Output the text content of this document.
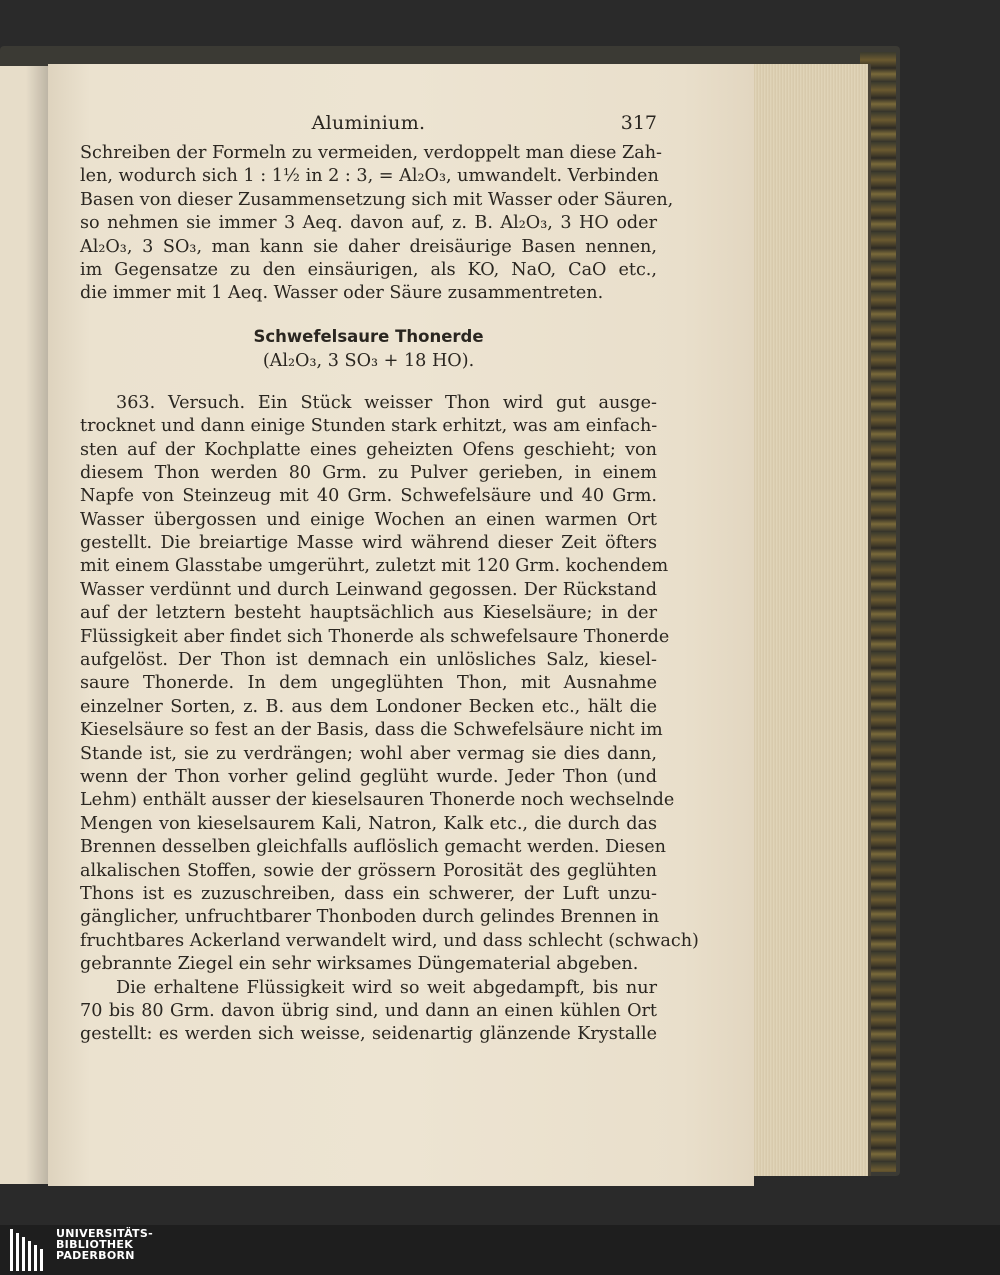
Aluminium.	317
Schreiben der Formeln zu vermeiden, verdoppelt man diese Zah-
len, wodurch sich 1 : 1½ in 2 : 3, = Al₂O₃, umwandelt. Verbinden
Basen von dieser Zusammensetzung sich mit Wasser oder Säuren,
so nehmen sie immer 3 Aeq. davon auf, z. B. Al₂O₃, 3 HO oder
Al₂O₃, 3 SO₃, man kann sie daher dreisäurige Basen nennen,
im Gegensatze zu den einsäurigen, als KO, NaO, CaO etc.,
die immer mit 1 Aeq. Wasser oder Säure zusammentreten.
Schwefelsaure Thonerde
(Al₂O₃, 3 SO₃ + 18 HO).
363. Versuch. Ein Stück weisser Thon wird gut ausge-
trocknet und dann einige Stunden stark erhitzt, was am einfach-
sten auf der Kochplatte eines geheizten Ofens geschieht; von
diesem Thon werden 80 Grm. zu Pulver gerieben, in einem
Napfe von Steinzeug mit 40 Grm. Schwefelsäure und 40 Grm.
Wasser übergossen und einige Wochen an einen warmen Ort
gestellt. Die breiartige Masse wird während dieser Zeit öfters
mit einem Glasstabe umgerührt, zuletzt mit 120 Grm. kochendem
Wasser verdünnt und durch Leinwand gegossen. Der Rückstand
auf der letztern besteht hauptsächlich aus Kieselsäure; in der
Flüssigkeit aber findet sich Thonerde als schwefelsaure Thonerde
aufgelöst. Der Thon ist demnach ein unlösliches Salz, kiesel-
saure Thonerde. In dem ungeglühten Thon, mit Ausnahme
einzelner Sorten, z. B. aus dem Londoner Becken etc., hält die
Kieselsäure so fest an der Basis, dass die Schwefelsäure nicht im
Stande ist, sie zu verdrängen; wohl aber vermag sie dies dann,
wenn der Thon vorher gelind geglüht wurde. Jeder Thon (und
Lehm) enthält ausser der kieselsauren Thonerde noch wechselnde
Mengen von kieselsaurem Kali, Natron, Kalk etc., die durch das
Brennen desselben gleichfalls auflöslich gemacht werden. Diesen
alkalischen Stoffen, sowie der grössern Porosität des geglühten
Thons ist es zuzuschreiben, dass ein schwerer, der Luft unzu-
gänglicher, unfruchtbarer Thonboden durch gelindes Brennen in
fruchtbares Ackerland verwandelt wird, und dass schlecht (schwach)
gebrannte Ziegel ein sehr wirksames Düngematerial abgeben.
Die erhaltene Flüssigkeit wird so weit abgedampft, bis nur
70 bis 80 Grm. davon übrig sind, und dann an einen kühlen Ort
gestellt: es werden sich weisse, seidenartig glänzende Krystalle
UNIVERSITÄTS-
BIBLIOTHEK
PADERBORN
